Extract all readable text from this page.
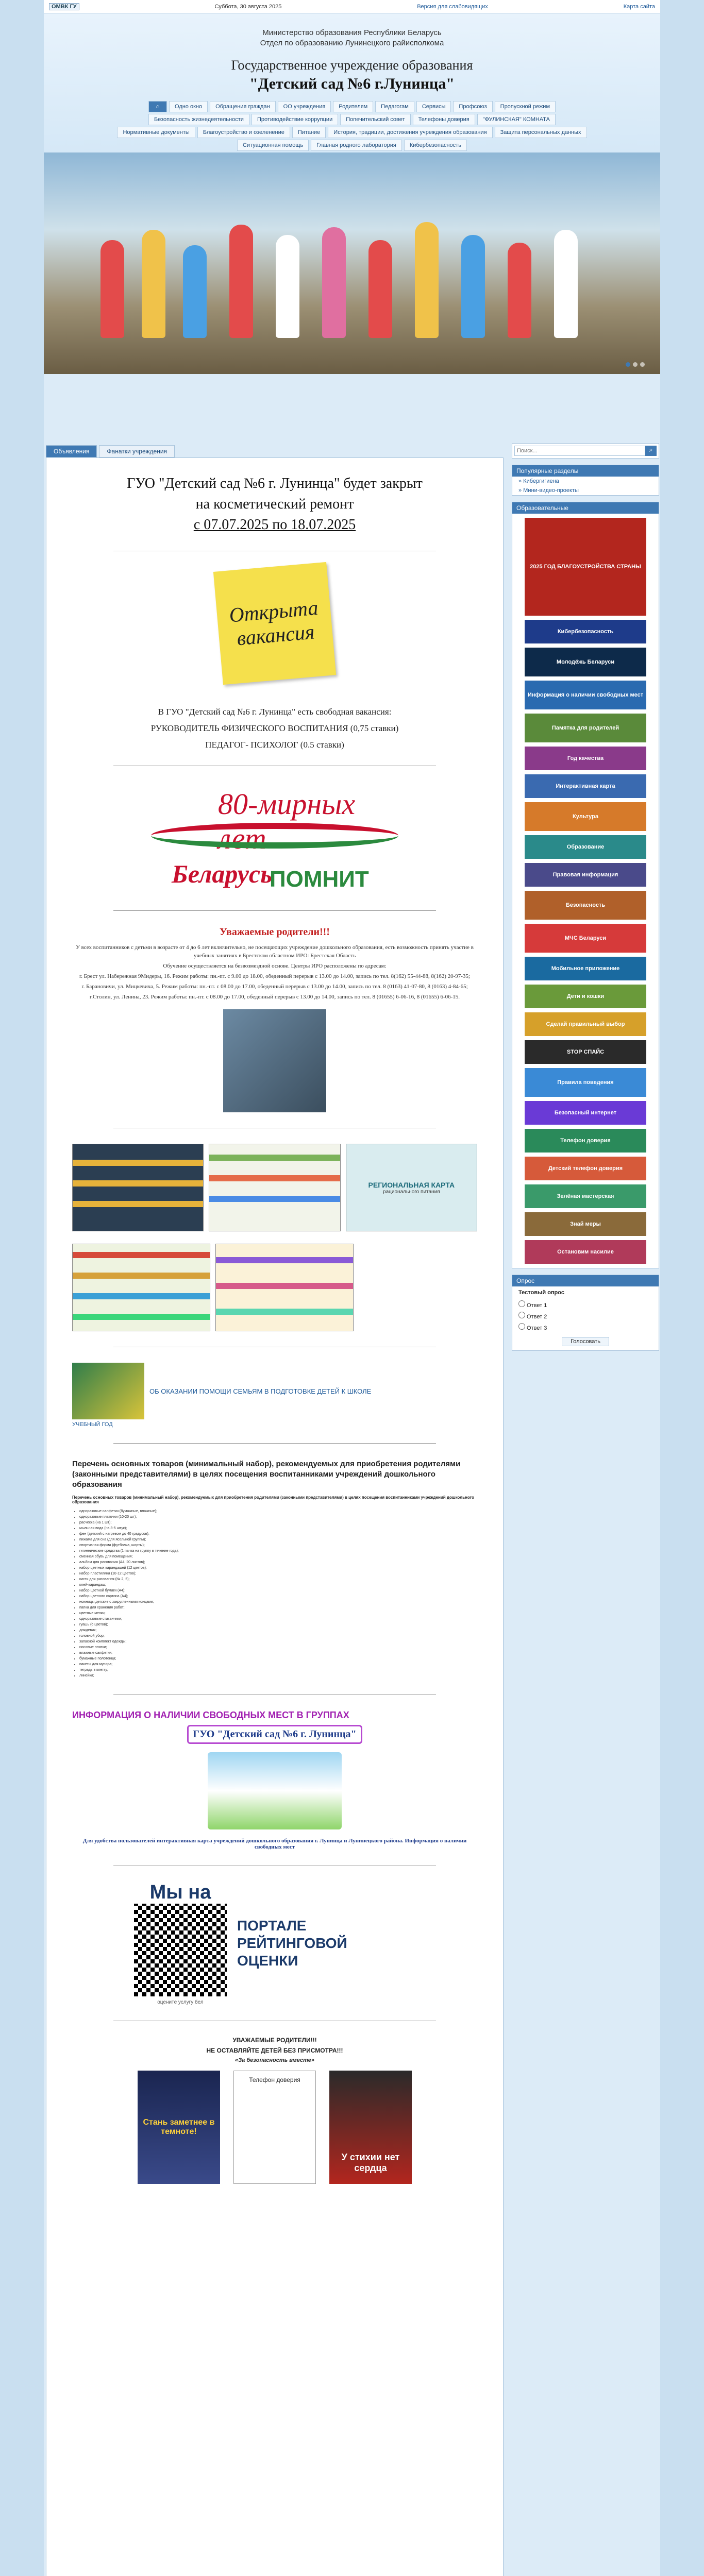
ОМВК ГУ	Суббота, 30 августа 2025	Версия для слабовидящих	Карта сайта
Министерство образования Республики Беларусь
Отдел по образованию Лунинецкого райисполкома
Государственное учреждение образования
"Детский сад №6 г.Лунинца"
⌂	Одно окно	Обращения граждан	ОО учреждения	Родителям	Педагогам	Сервисы	Профсоюз	Пропускной режим
Безопасность жизнедеятельности	Противодействие коррупции	Попечительский совет	Телефоны доверия	"ФУЛИНСКАЯ" КОМНАТА
Нормативные документы	Благоустройство и озеленение	Питание	История, традиции, достижения учреждения образования	Защита персональных данных
Ситуационная помощь	Главная родного лаборатория	Кибербезопасность
Объявления	Фанатки учреждения
ГУО "Детский сад №6 г. Лунинца" будет закрыт
на косметический ремонт
с 07.07.2025 по 18.07.2025
Открыта
вакансия

В ГУО "Детский сад №6 г. Лунинца" есть свободная вакансия:

РУКОВОДИТЕЛЬ ФИЗИЧЕСКОГО ВОСПИТАНИЯ (0,75 ставки)

ПЕДАГОГ- ПСИХОЛОГ (0.5 ставки)

80-мирных лет
Беларусь
ПОМНИТ
Уважаемые родители!!!

У всех воспитанников с детьми в возрасте от 4 до 6 лет включительно, не посещающих учреждение дошкольного образования, есть возможность принять участие в учебных занятиях в Брестском областном ИРО: Брестская Область

Обучение осуществляется на безвозмездной основе. Центры ИРО расположены по адресам:

г. Брест ул. Набережная 9Мидеры, 16. Режим работы: пн.-пт. с 9.00 до 18.00, обеденный перерыв с 13.00 до 14.00, запись по тел. 8(162) 55-44-88, 8(162) 20-97-35;

г. Барановичи, ул. Мицкевича, 5. Режим работы: пн.-пт. с 08.00 до 17.00, обеденный перерыв с 13.00 до 14.00, запись по тел. 8 (0163) 41-07-80, 8 (0163) 4-84-65;

г.Столин, ул. Ленина, 23. Режим работы: пн.-пт. с 08.00 до 17.00, обеденный перерыв с 13.00 до 14.00, запись по тел. 8 (01655) 6-06-16, 8 (01655) 6-06-15.

РЕГИОНАЛЬНАЯ КАРТА
рационального питания
ОБ ОКАЗАНИИ ПОМОЩИ СЕМЬЯМ В ПОДГОТОВКЕ ДЕТЕЙ К ШКОЛЕ
УЧЕБНЫЙ ГОД
Перечень основных товаров (минимальный набор), рекомендуемых для приобретения родителями (законными представителями) в целях посещения воспитанниками учреждений дошкольного образования
Перечень основных товаров (минимальный набор), рекомендуемых для приобретения родителями (законными представителями) в целях посещения воспитанниками учреждений дошкольного образования
• одноразовые салфетки (бумажные, влажные);
• одноразовые платочки (10-20 шт);
• расчёска (на 1 шт);
• мыльная вода (на 3-5 штук);
• фен (детский с нагревом до 40 градусов);
• пижама для сна (для ясельной группы);
• спортивная форма (футболка, шорты);
• гигиенические средства (1 пачка на группу в течение года);
• сменная обувь для помещения;
• альбом для рисования (А4, 20 листов);
• набор цветных карандашей (12 цветов);
• набор пластилина (10-12 цветов);
• кисти для рисования (№ 2, 5);
• клей-карандаш;
• набор цветной бумаги (А4);
• набор цветного картона (А4);
• ножницы детские с закругленными концами;
• папка для хранения работ;
• цветные мелки;
• одноразовые стаканчики;
• гуашь (6 цветов);
• дождевик;
• головной убор;
• запасной комплект одежды;
• носовые платки;
• влажные салфетки;
• бумажные полотенца;
• пакеты для мусора;
• тетрадь в клетку;
• линейка;
ИНФОРМАЦИЯ О НАЛИЧИИ СВОБОДНЫХ МЕСТ В ГРУППАХ
ГУО "Детский сад №6 г. Лунинца"
Для удобства пользователей интерактивная карта учреждений дошкольного образования г. Лунинца и Лунинецкого района. Информация о наличии свободных мест
Мы на
оцените услугу бел
ПОРТАЛЕ РЕЙТИНГОВОЙ ОЦЕНКИ
УВАЖАЕМЫЕ РОДИТЕЛИ!!!
НЕ ОСТАВЛЯЙТЕ ДЕТЕЙ БЕЗ ПРИСМОТРА!!!
«За безопасность вместе»
Стань заметнее в темноте!
Телефон доверия
У стихии нет сердца
Поиск...
⌕
Популярные разделы
» Кибергигиена
» Мини-видео-проекты
Образовательные
2025 ГОД БЛАГОУСТРОЙСТВА СТРАНЫ
Кибербезопасность
Молодёжь Беларуси
Информация о наличии свободных мест
Памятка для родителей
Год качества
Интерактивная карта
Культура
Образование
Правовая информация
Безопасность
МЧС Беларуси
Мобильное приложение
Дети и кошки
Сделай правильный выбор
STOP СПАЙС
Правила поведения
Безопасный интернет
Телефон доверия
Детский телефон доверия
Зелёная мастерская
Знай меры
Остановим насилие
Опрос
Тестовый опрос
Ответ 1
Ответ 2
Ответ 3
Голосовать
